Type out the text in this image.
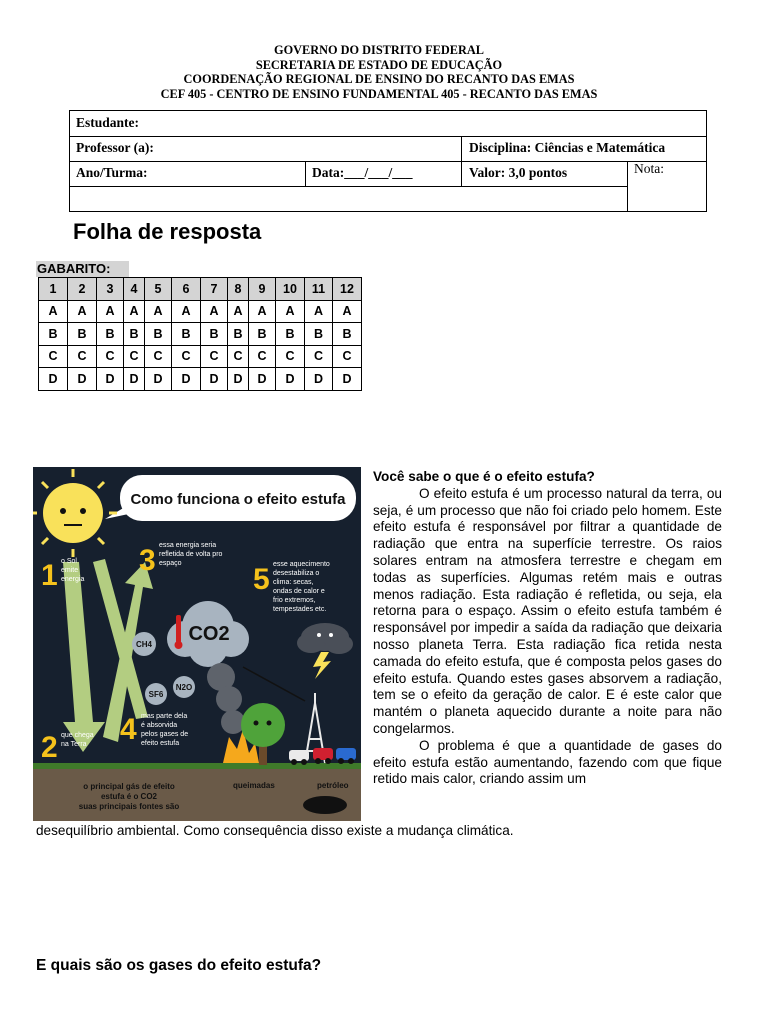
GOVERNO DO DISTRITO FEDERAL
SECRETARIA DE ESTADO DE EDUCAÇÃO
COORDENAÇÃO REGIONAL DE ENSINO DO RECANTO DAS EMAS
CEF 405 - CENTRO DE ENSINO FUNDAMENTAL 405 - RECANTO DAS EMAS
Estudante:
Professor (a):	Disciplina: Ciências e Matemática
Ano/Turma:	Data:___/___/___	Valor: 3,0 pontos	Nota:
Folha de resposta
GABARITO:
1	2	3	4	5	6	7	8	9	10	11	12
A	A	A	A	A	A	A	A	A	A	A	A
B	B	B	B	B	B	B	B	B	B	B	B
C	C	C	C	C	C	C	C	C	C	C	C
D	D	D	D	D	D	D	D	D	D	D	D
Como funciona o efeito estufa
1 o Sol
emite
energia
2 que chega
na Terra
3 essa energia seria
refletida de volta pro
espaço
4 mas parte dela
é absorvida
pelos gases de
efeito estufa
5 esse aquecimento
desestabiliza o
clima: secas,
ondas de calor e
frio extremos,
tempestades etc.
CO2
CH4
SF6
N2O
o principal gás de efeito
estufa é o CO2
suas principais fontes são
queimadas	petróleo
Você sabe o que é o efeito estufa?

O efeito estufa é um processo natural da terra, ou seja, é um processo que não foi criado pelo homem. Este efeito estufa é responsável por filtrar a quantidade de radiação que entra na superfície terrestre. Os raios solares entram na atmosfera terrestre e chegam em todas as superfícies. Algumas retém mais e outras menos radiação. Esta radiação é refletida, ou seja, ela retorna para o espaço. Assim o efeito estufa também é responsável por impedir a saída da radiação que deixaria nosso planeta Terra. Esta radiação fica retida nesta camada do efeito estufa, que é composta pelos gases do efeito estufa. Quando estes gases absorvem a radiação, tem se o efeito da geração de calor. E é este calor que mantém o planeta aquecido durante a noite para não congelarmos.

O problema é que a quantidade de gases do efeito estufa estão aumentando, fazendo com que fique retido mais calor, criando assim um

desequilíbrio ambiental. Como consequência disso existe a mudança climática.
E quais são os gases do efeito estufa?
